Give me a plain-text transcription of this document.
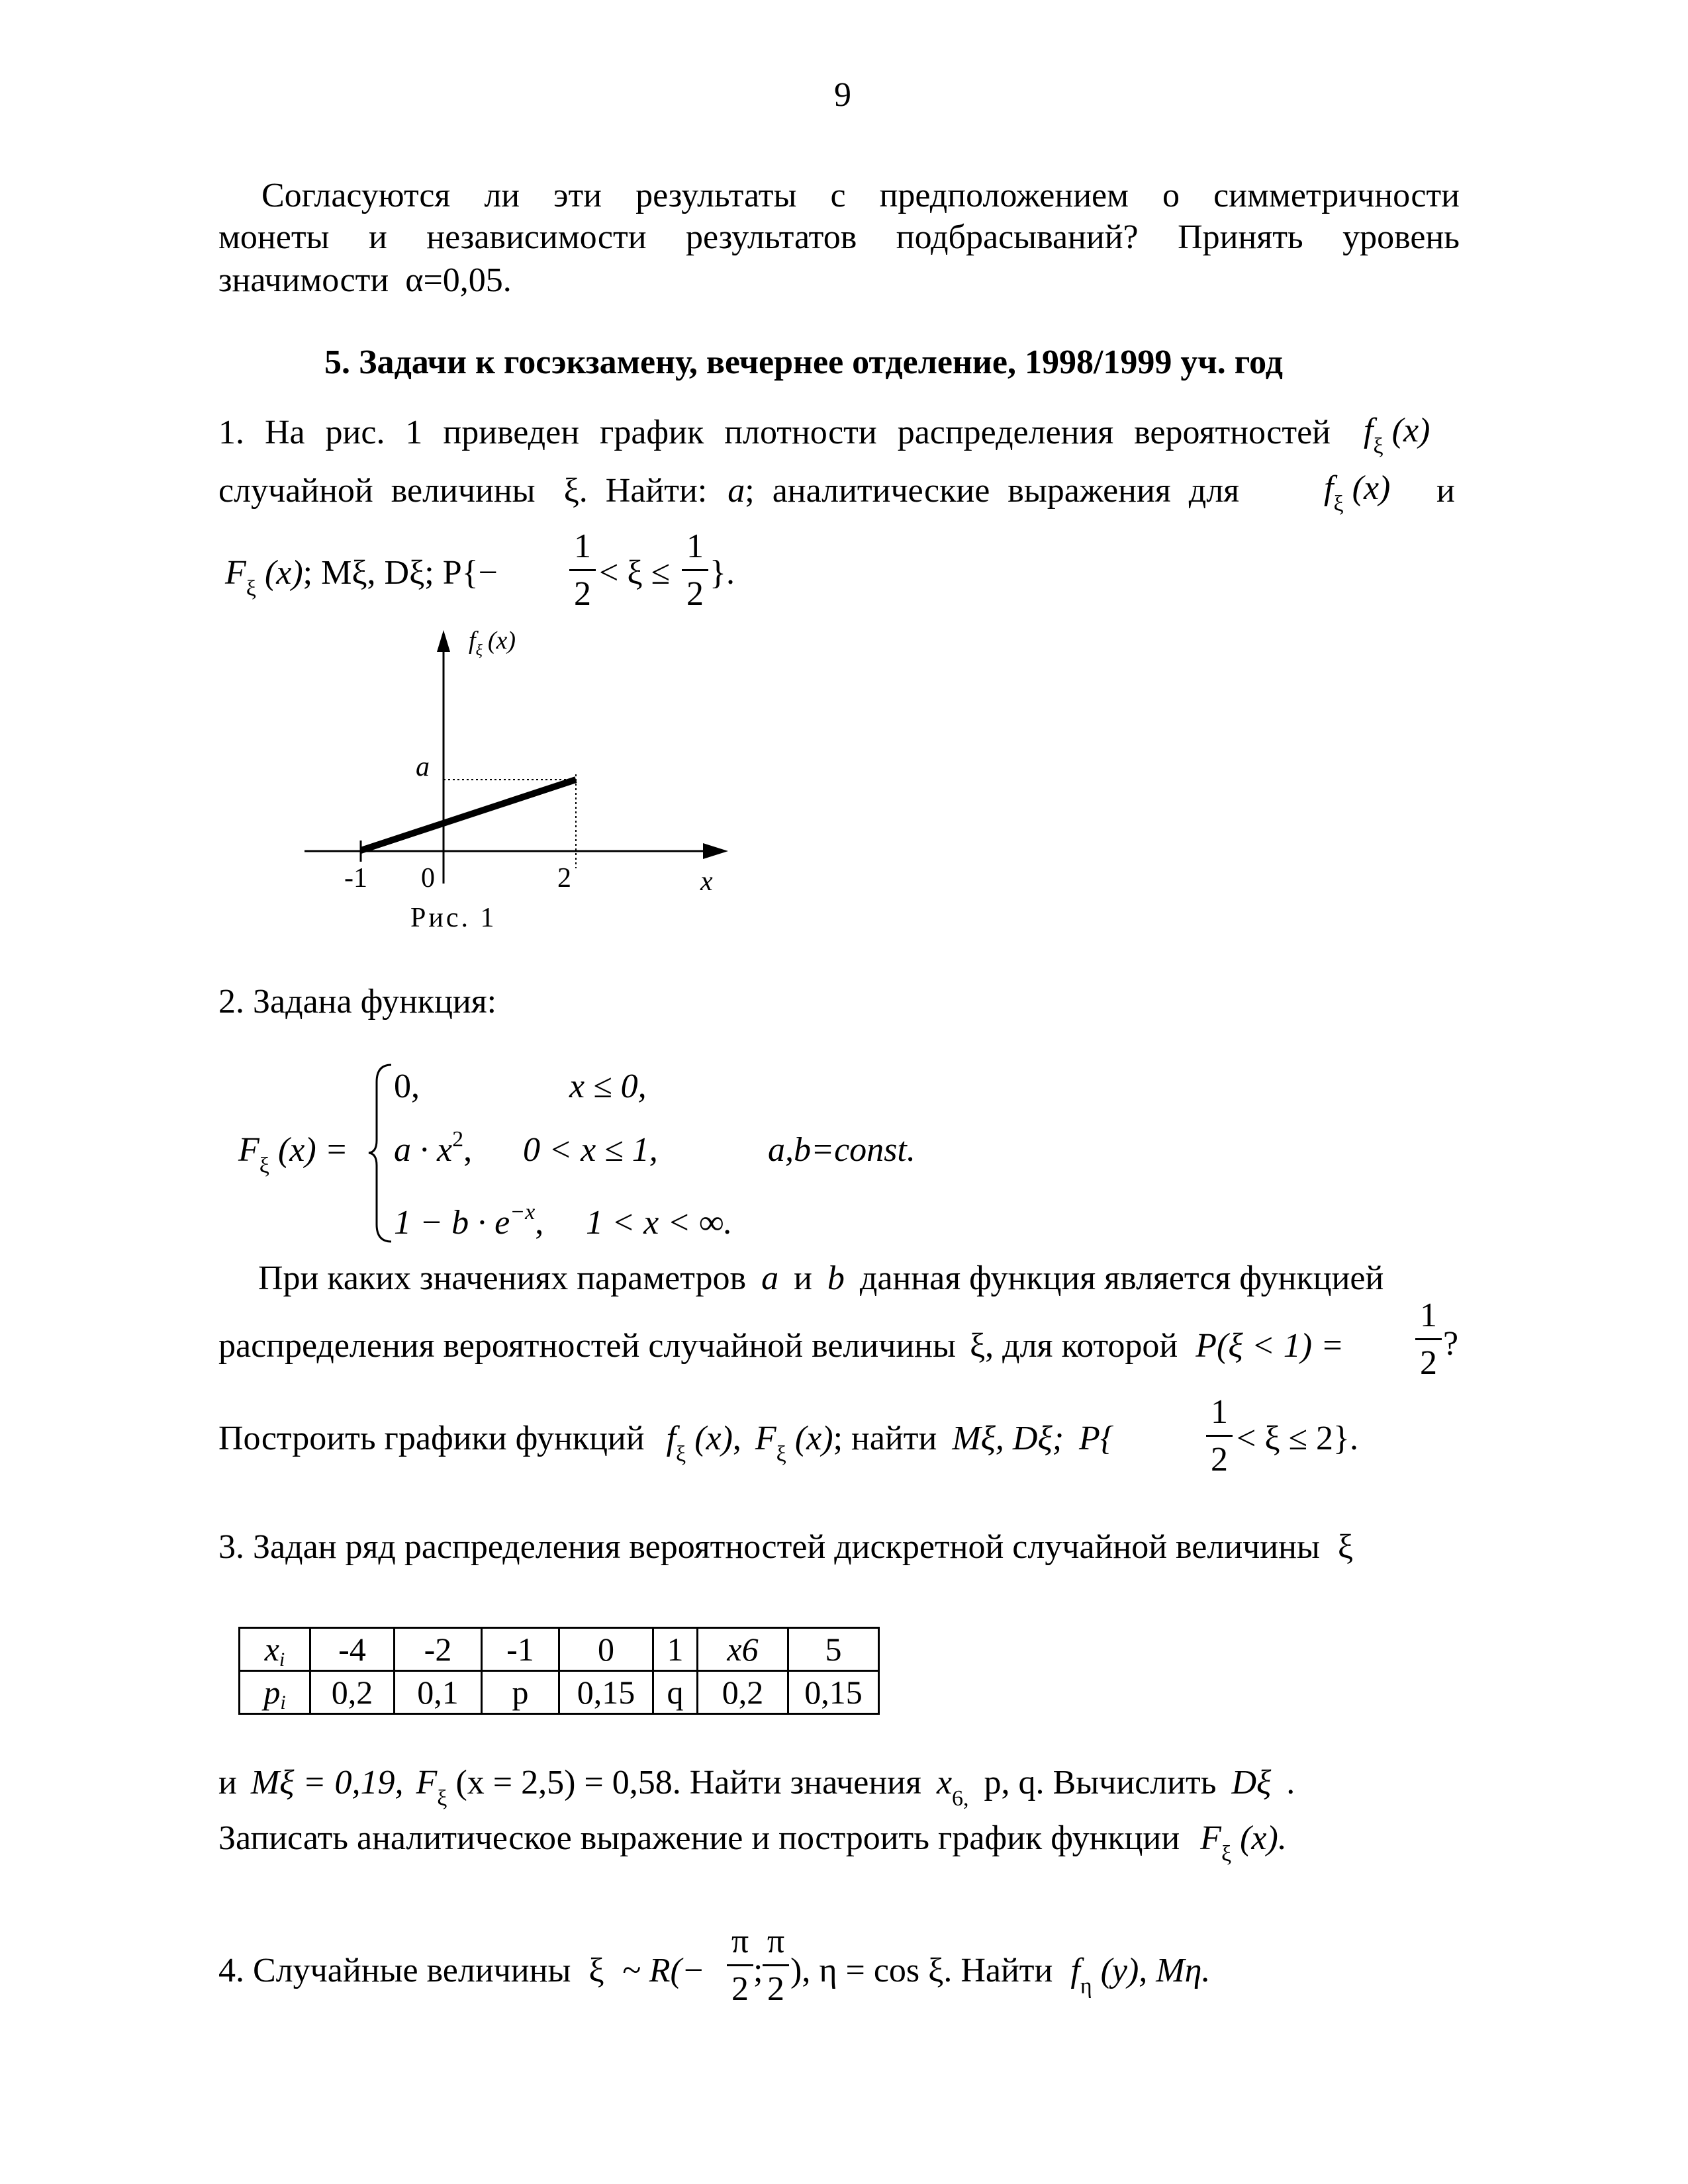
9
Согласуются ли эти результаты с предположением о симметричности
монеты и независимости результатов подбрасываний? Принять уровень
значимости α=0,05.
5. Задачи к госэкзамену, вечернее отделение, 1998/1999 уч. год
1. На рис. 1 приведен график плотности распределения вероятностей $f_\xi$ (x)
случайной величины ξ. Найти: a; аналитические выражения для $f_\xi$ (x) и
$F_\xi$ (x); Mξ, Dξ; P{−
1
2
< ξ ≤
1
2
}.
$f_\xi$ (x)
a
-1 0	2	x
Рис. 1
2. Задана функция:
$F_\xi$ (x) =
0,	x ≤ 0,
$a \cdot x^2$, 0 < x ≤ 1,	a,b=const.
$1 - b \cdot e^{-x}$, 1 < x < ∞.
При каких значениях параметров a и b данная функция является функцией
распределения вероятностей случайной величины ξ, для которой P(ξ < 1) =
1
2
?
Построить графики функций $f_\xi$ (x), $F_\xi$ (x); найти Mξ, Dξ; P{
1
2
< ξ ≤ 2}.
3. Задан ряд распределения вероятностей дискретной случайной величины ξ
xi	-4	-2	-1	0	1	x6	5
pi	0,2	0,1	p	0,15	q	0,2	0,15
и Mξ = 0,19, $F_\xi$ (x = 2,5) = 0,58. Найти значения $x_{6,}$ p, q. Вычислить Dξ .
Записать аналитическое выражение и построить график функции $F_\xi$ (x).
4. Случайные величины ξ ~ R(−
π
2 ;
π
2 ), η = cos ξ. Найти $f_\eta$ (y), Mη.
